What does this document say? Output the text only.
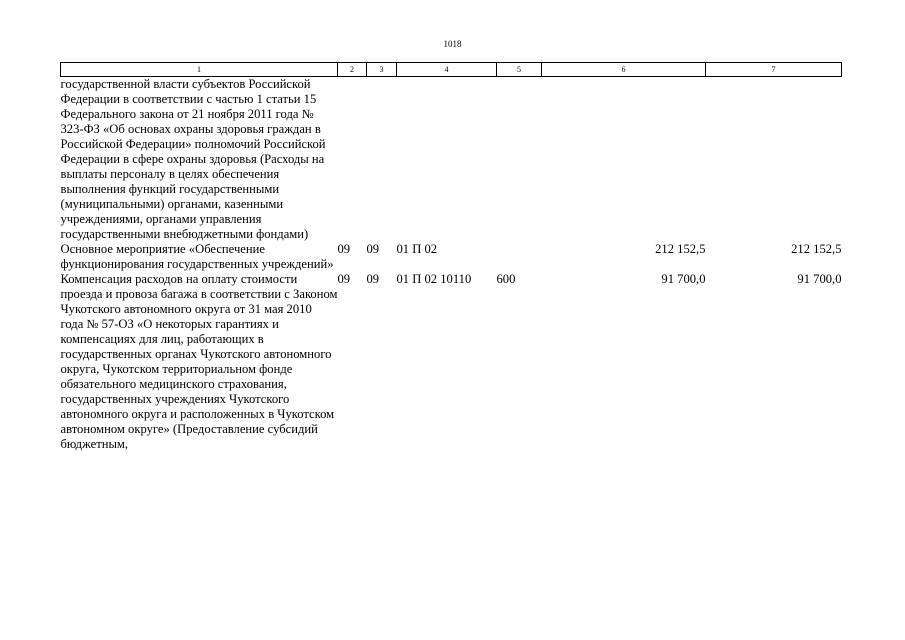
1018
1	2	3	4	5	6	7
государственной власти субъектов Российской Федерации в соответствии с частью 1 статьи 15 Федерального закона от 21 ноября 2011 года № 323-ФЗ «Об основах охраны здоровья граждан в Российской Федерации» полномочий Российской Федерации в сфере охраны здоровья (Расходы на выплаты персоналу в целях обеспечения выполнения функций государственными (муниципальными) органами, казенными учреждениями, органами управления государственными внебюджетными фондами)						
Основное мероприятие «Обеспечение функционирования государственных учреждений»	09	09	01 П 02		212 152,5	212 152,5
Компенсация расходов на оплату стоимости проезда и провоза багажа в соответствии с Законом Чукотского автономного округа от 31 мая 2010 года № 57-ОЗ «О некоторых гарантиях и компенсациях для лиц, работающих в государственных органах Чукотского автономного округа, Чукотском территориальном фонде обязательного медицинского страхования, государственных учреждениях Чукотского автономного округа и расположенных в Чукотском автономном округе» (Предоставление субсидий бюджетным,	09	09	01 П 02 10110	600	91 700,0	91 700,0
